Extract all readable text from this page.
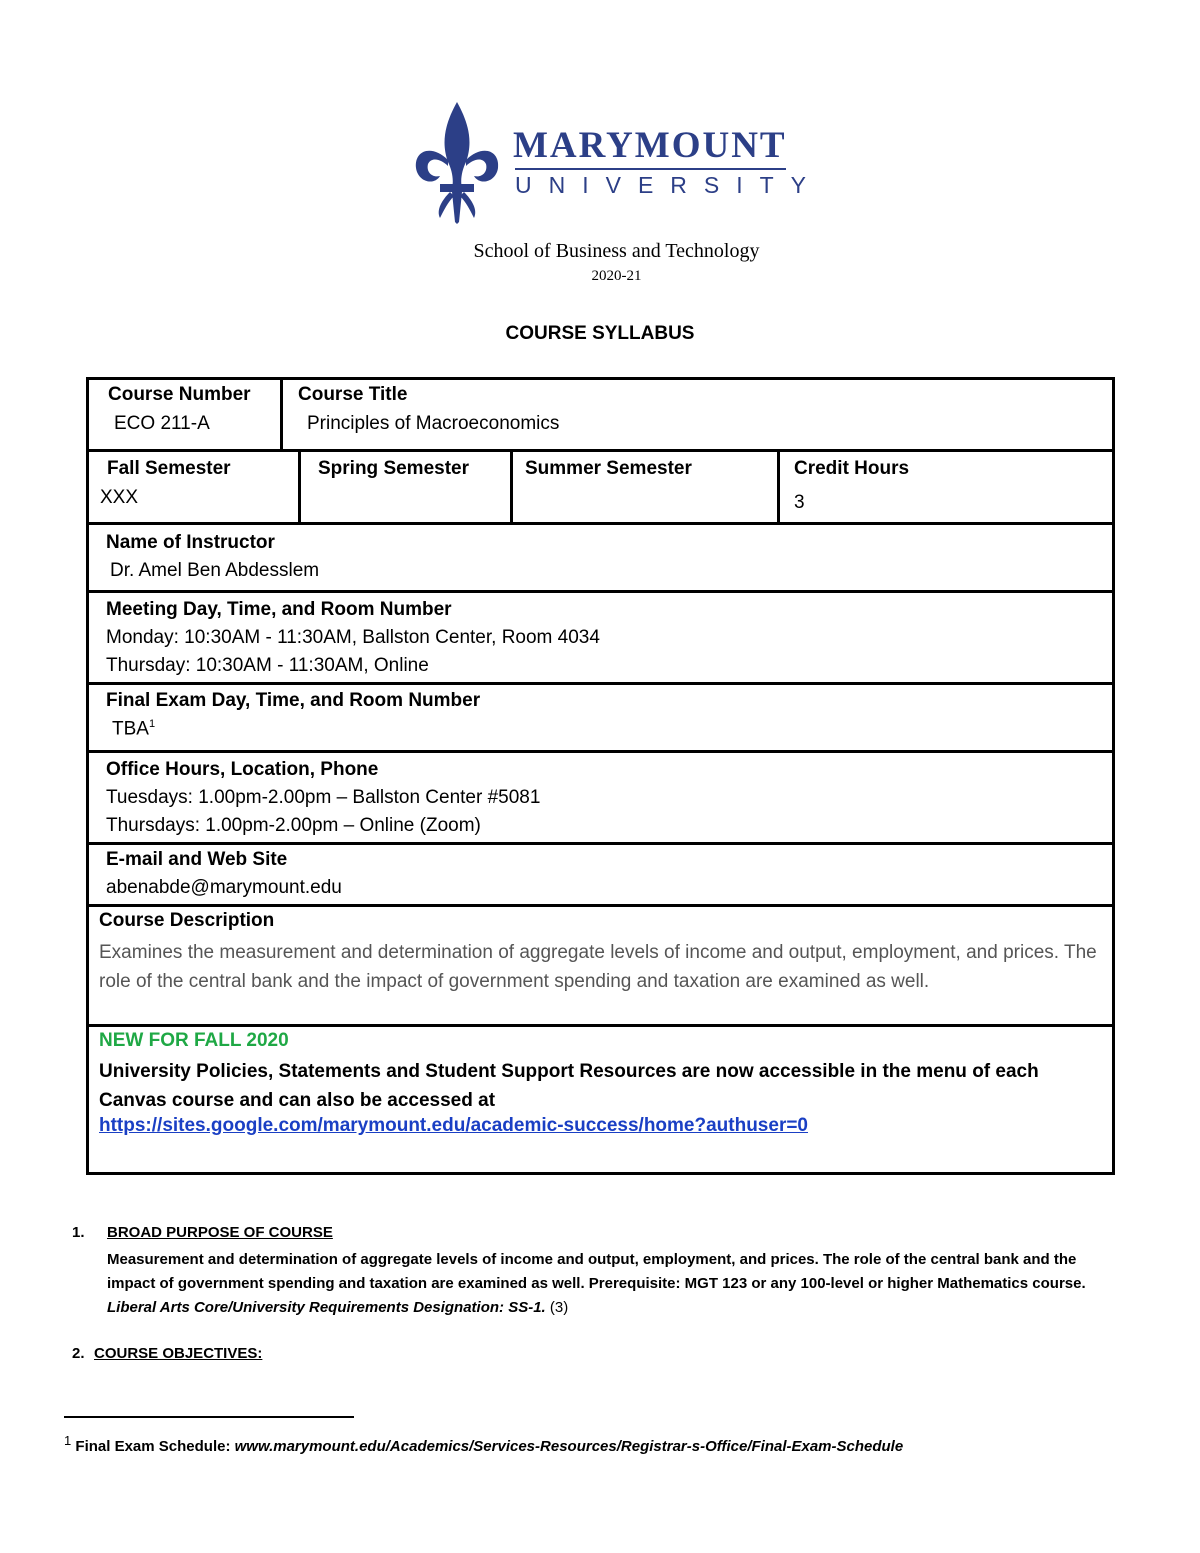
MARYMOUNT
UNIVERSITY
School of Business and Technology
2020-21
COURSE SYLLABUS
Course Number
ECO 211-A
Course Title
Principles of Macroeconomics
Fall Semester
XXX
Spring Semester	Summer Semester	Credit Hours
3
Name of Instructor
Dr. Amel Ben Abdesslem
Meeting Day, Time, and Room Number
Monday: 10:30AM - 11:30AM, Ballston Center, Room 4034
Thursday: 10:30AM - 11:30AM, Online
Final Exam Day, Time, and Room Number
TBA$^1$
Office Hours, Location, Phone
Tuesdays: 1.00pm-2.00pm – Ballston Center #5081
Thursdays: 1.00pm-2.00pm – Online (Zoom)
E-mail and Web Site
abenabde@marymount.edu
Course Description
Examines the measurement and determination of aggregate levels of income and output, employment, and prices. The role of the central bank and the impact of government spending and taxation are examined as well.
NEW FOR FALL 2020
University Policies, Statements and Student Support Resources are now accessible in the menu of each Canvas course and can also be accessed at
https://sites.google.com/marymount.edu/academic-success/home?authuser=0
1. BROAD PURPOSE OF COURSE
Measurement and determination of aggregate levels of income and output, employment, and prices. The role of the central bank and the impact of government spending and taxation are examined as well. Prerequisite: MGT 123 or any 100-level or higher Mathematics course. Liberal Arts Core/University Requirements Designation: SS-1. (3)
2. COURSE OBJECTIVES:
$^1$ Final Exam Schedule: www.marymount.edu/Academics/Services-Resources/Registrar-s-Office/Final-Exam-Schedule
